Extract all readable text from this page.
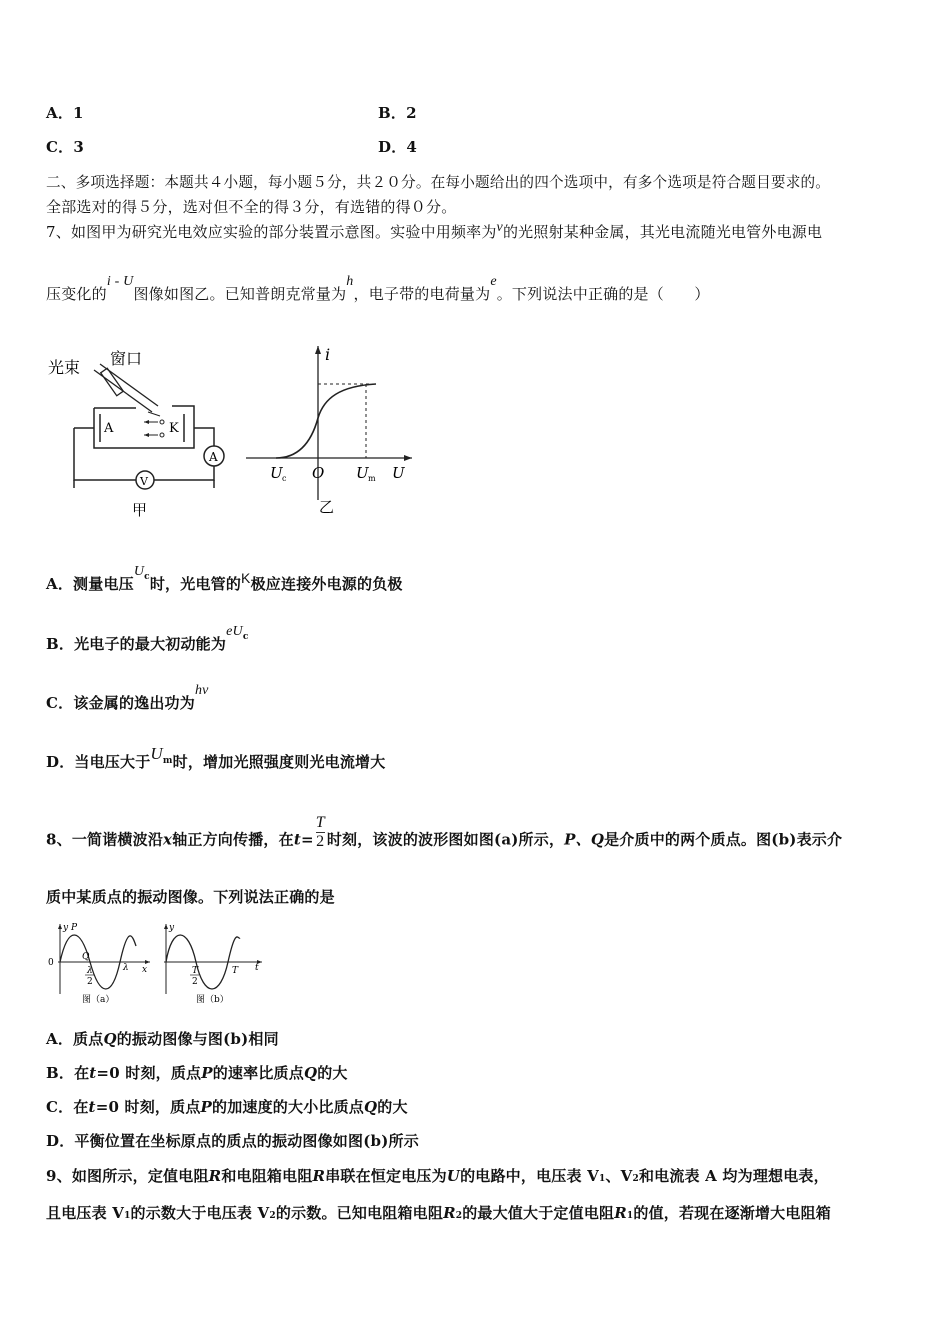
A．1	B．2
C．3	D．4
二、多项选择题：本题共４小题，每小题５分，共２０分。在每小题给出的四个选项中，有多个选项是符合题目要求的。
全部选对的得５分，选对但不全的得３分，有选错的得０分。
7、如图甲为研究光电效应实验的部分装置示意图。实验中用频率为ν的光照射某种金属，其光电流随光电管外电源电
压变化的i - U图像如图乙。已知普朗克常量为h，电子带的电荷量为e。下列说法中正确的是（　　）
光束 窗口
A	K
A
V
甲
i
U c O U m U
乙
A．测量电压$U^c$时，光电管的K极应连接外电源的负极
B．光电子的最大初动能为$eU^c$
C．该金属的逸出功为hν
D．当电压大于$U^m$时，增加光照强度则光电流增大
8、一简谐横波沿x轴正方向传播，在$t= \frac{T}{2}$ 时刻，该波的波形图如图(a)所示，P、Q是介质中的两个质点。图(b)表示介
质中某质点的振动图像。下列说法正确的是
y P
0
Q
λ
2
λ x
图（a）
y
T
2
T t
图（b）
A．质点Q的振动图像与图(b)相同
B．在t=0 时刻，质点P的速率比质点Q的大
C．在t=0 时刻，质点P的加速度的大小比质点Q的大
D．平衡位置在坐标原点的质点的振动图像如图(b)所示
9、如图所示，定值电阻R和电阻箱电阻R串联在恒定电压为U的电路中，电压表 V1、V2和电流表 A 均为理想电表，
且电压表 V1的示数大于电压表 V2的示数。已知电阻箱电阻R2的最大值大于定值电阻R1的值，若现在逐渐增大电阻箱
